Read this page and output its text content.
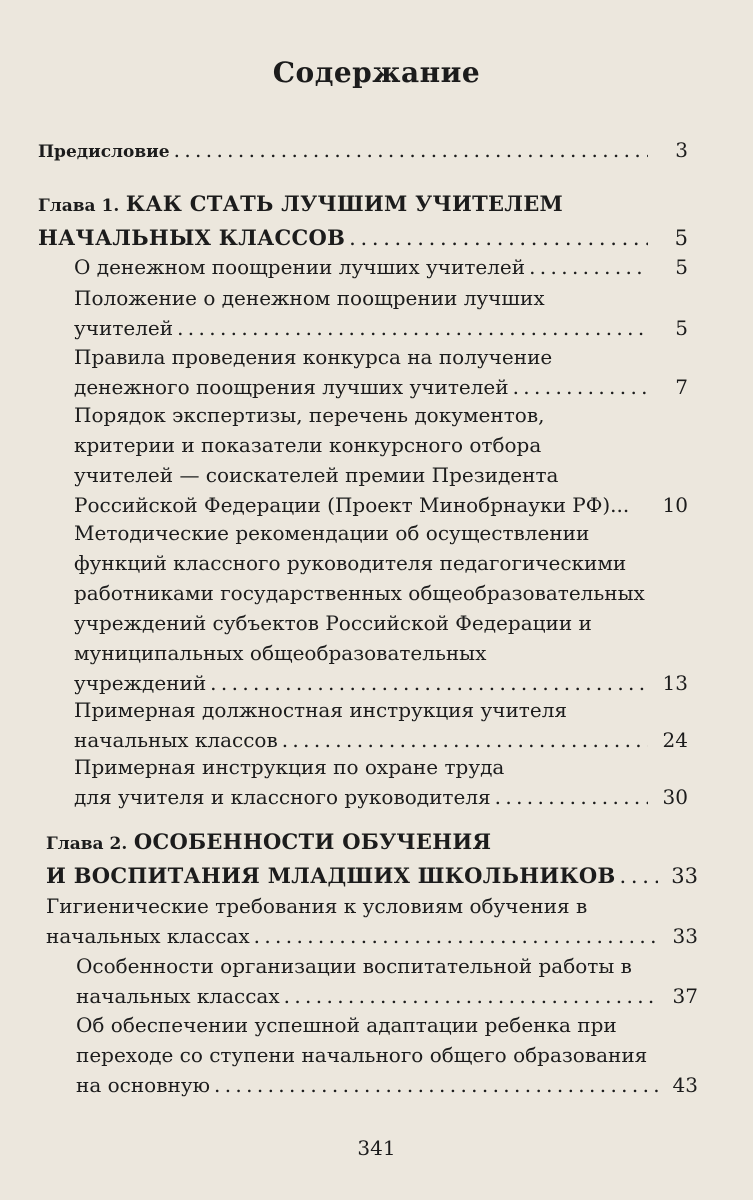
Содержание
Предисловие . . .	3
Глава 1. КАК СТАТЬ ЛУЧШИМ УЧИТЕЛЕМ
НАЧАЛЬНЫХ КЛАССОВ . . .	5
О денежном поощрении лучших учителей . . .	5
Положение о денежном поощрении лучших
учителей . . .	5
Правила проведения конкурса на получение
денежного поощрения лучших учителей . . .	7
Порядок экспертизы, перечень документов,
критерии и показатели конкурсного отбора
учителей — соискателей премии Президента
Российской Федерации (Проект Минобрнауки РФ)...	10
Методические рекомендации об осуществлении
функций классного руководителя педагогическими
работниками государственных общеобразовательных
учреждений субъектов Российской Федерации и
муниципальных общеобразовательных
учреждений . . .	13
Примерная должностная инструкция учителя
начальных классов . . .	24
Примерная инструкция по охране труда
для учителя и классного руководителя . . .	30
Глава 2. ОСОБЕННОСТИ ОБУЧЕНИЯ
И ВОСПИТАНИЯ МЛАДШИХ ШКОЛЬНИКОВ . . .	33
Гигиенические требования к условиям обучения в
начальных классах . . .	33
Особенности организации воспитательной работы в
начальных классах . . .	37
Об обеспечении успешной адаптации ребенка при
переходе со ступени начального общего образования
на основную . . .	43
341
